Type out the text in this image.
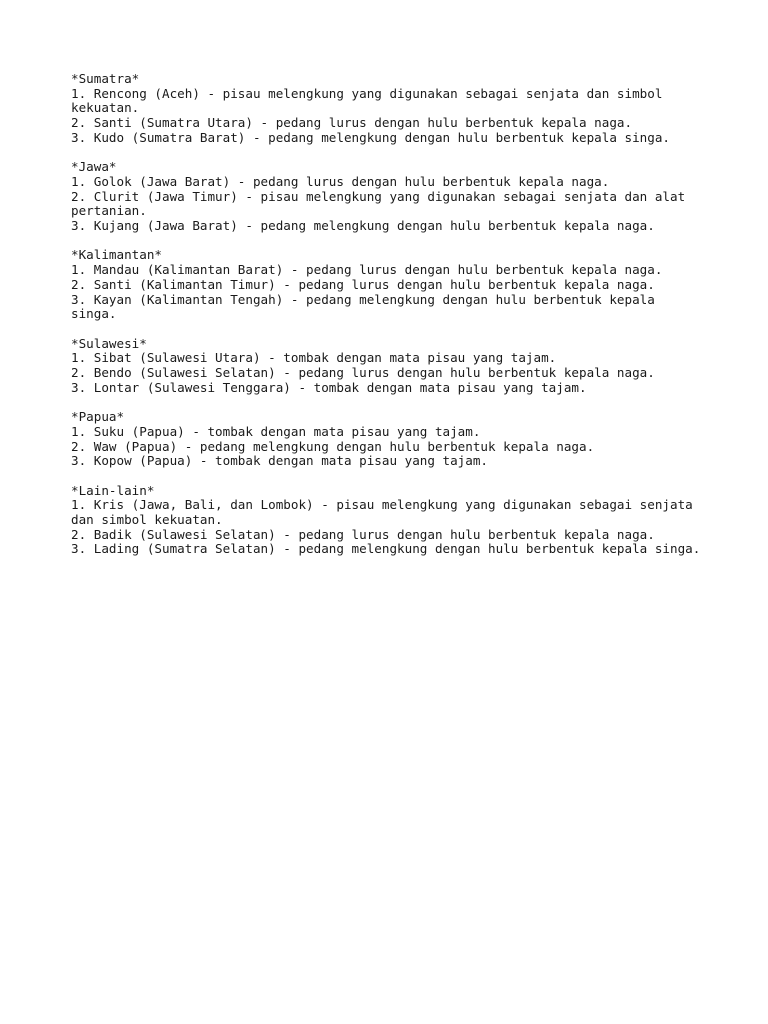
*Sumatra*

1. Rencong (Aceh) - pisau melengkung yang digunakan sebagai senjata dan simbol
kekuatan.

2. Santi (Sumatra Utara) - pedang lurus dengan hulu berbentuk kepala naga.

3. Kudo (Sumatra Barat) - pedang melengkung dengan hulu berbentuk kepala singa.

*Jawa*

1. Golok (Jawa Barat) - pedang lurus dengan hulu berbentuk kepala naga.

2. Clurit (Jawa Timur) - pisau melengkung yang digunakan sebagai senjata dan alat
pertanian.

3. Kujang (Jawa Barat) - pedang melengkung dengan hulu berbentuk kepala naga.

*Kalimantan*

1. Mandau (Kalimantan Barat) - pedang lurus dengan hulu berbentuk kepala naga.

2. Santi (Kalimantan Timur) - pedang lurus dengan hulu berbentuk kepala naga.

3. Kayan (Kalimantan Tengah) - pedang melengkung dengan hulu berbentuk kepala
singa.

*Sulawesi*

1. Sibat (Sulawesi Utara) - tombak dengan mata pisau yang tajam.

2. Bendo (Sulawesi Selatan) - pedang lurus dengan hulu berbentuk kepala naga.

3. Lontar (Sulawesi Tenggara) - tombak dengan mata pisau yang tajam.

*Papua*

1. Suku (Papua) - tombak dengan mata pisau yang tajam.

2. Waw (Papua) - pedang melengkung dengan hulu berbentuk kepala naga.

3. Kopow (Papua) - tombak dengan mata pisau yang tajam.

*Lain-lain*

1. Kris (Jawa, Bali, dan Lombok) - pisau melengkung yang digunakan sebagai senjata
dan simbol kekuatan.

2. Badik (Sulawesi Selatan) - pedang lurus dengan hulu berbentuk kepala naga.

3. Lading (Sumatra Selatan) - pedang melengkung dengan hulu berbentuk kepala singa.
